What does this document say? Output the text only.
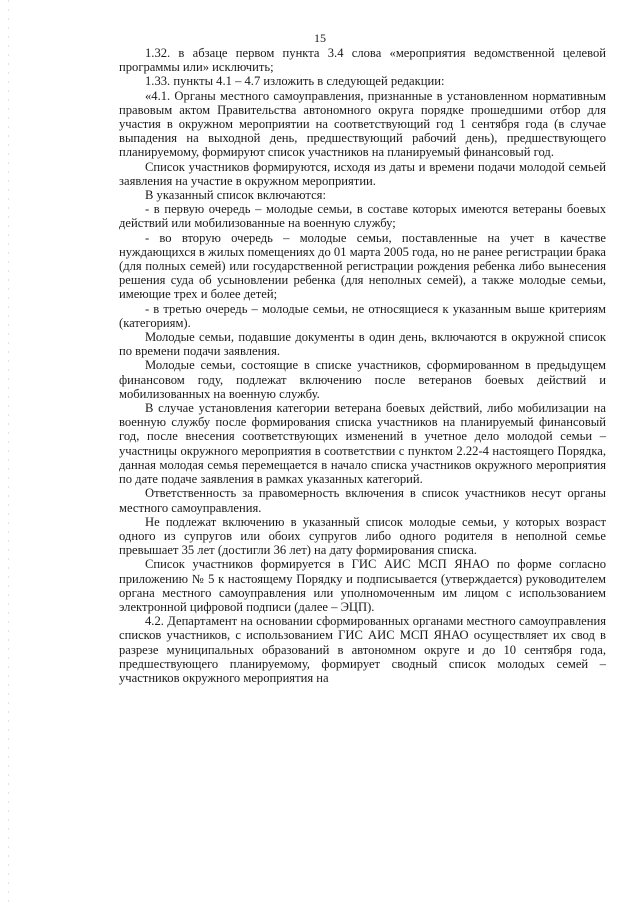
15

1.32. в абзаце первом пункта 3.4 слова «мероприятия ведомственной целевой программы или» исключить;

1.33. пункты 4.1 – 4.7 изложить в следующей редакции:

«4.1. Органы местного самоуправления, признанные в установленном нормативным правовым актом Правительства автономного округа порядке прошедшими отбор для участия в окружном мероприятии на соответствующий год 1 сентября года (в случае выпадения на выходной день, предшествующий рабочий день), предшествующего планируемому, формируют список участников на планируемый финансовый год.

Список участников формируются, исходя из даты и времени подачи молодой семьей заявления на участие в окружном мероприятии.

В указанный список включаются:

- в первую очередь – молодые семьи, в составе которых имеются ветераны боевых действий или мобилизованные на военную службу;

- во вторую очередь – молодые семьи, поставленные на учет в качестве нуждающихся в жилых помещениях до 01 марта 2005 года, но не ранее регистрации брака (для полных семей) или государственной регистрации рождения ребенка либо вынесения решения суда об усыновлении ребенка (для неполных семей), а также молодые семьи, имеющие трех и более детей;

- в третью очередь – молодые семьи, не относящиеся к указанным выше критериям (категориям).

Молодые семьи, подавшие документы в один день, включаются в окружной список по времени подачи заявления.

Молодые семьи, состоящие в списке участников, сформированном в предыдущем финансовом году, подлежат включению после ветеранов боевых действий и мобилизованных на военную службу.

В случае установления категории ветерана боевых действий, либо мобилизации на военную службу после формирования списка участников на планируемый финансовый год, после внесения соответствующих изменений в учетное дело молодой семьи – участницы окружного мероприятия в соответствии с пунктом 2.22-4 настоящего Порядка, данная молодая семья перемещается в начало списка участников окружного мероприятия по дате подаче заявления в рамках указанных категорий.

Ответственность за правомерность включения в список участников несут органы местного самоуправления.

Не подлежат включению в указанный список молодые семьи, у которых возраст одного из супругов или обоих супругов либо одного родителя в неполной семье превышает 35 лет (достигли 36 лет) на дату формирования списка.

Список участников формируется в ГИС АИС МСП ЯНАО по форме согласно приложению № 5 к настоящему Порядку и подписывается (утверждается) руководителем органа местного самоуправления или уполномоченным им лицом с использованием электронной цифровой подписи (далее – ЭЦП).

4.2. Департамент на основании сформированных органами местного самоуправления списков участников, с использованием ГИС АИС МСП ЯНАО осуществляет их свод в разрезе муниципальных образований в автономном округе и до 10 сентября года, предшествующего планируемому, формирует сводный список молодых семей – участников окружного мероприятия на
